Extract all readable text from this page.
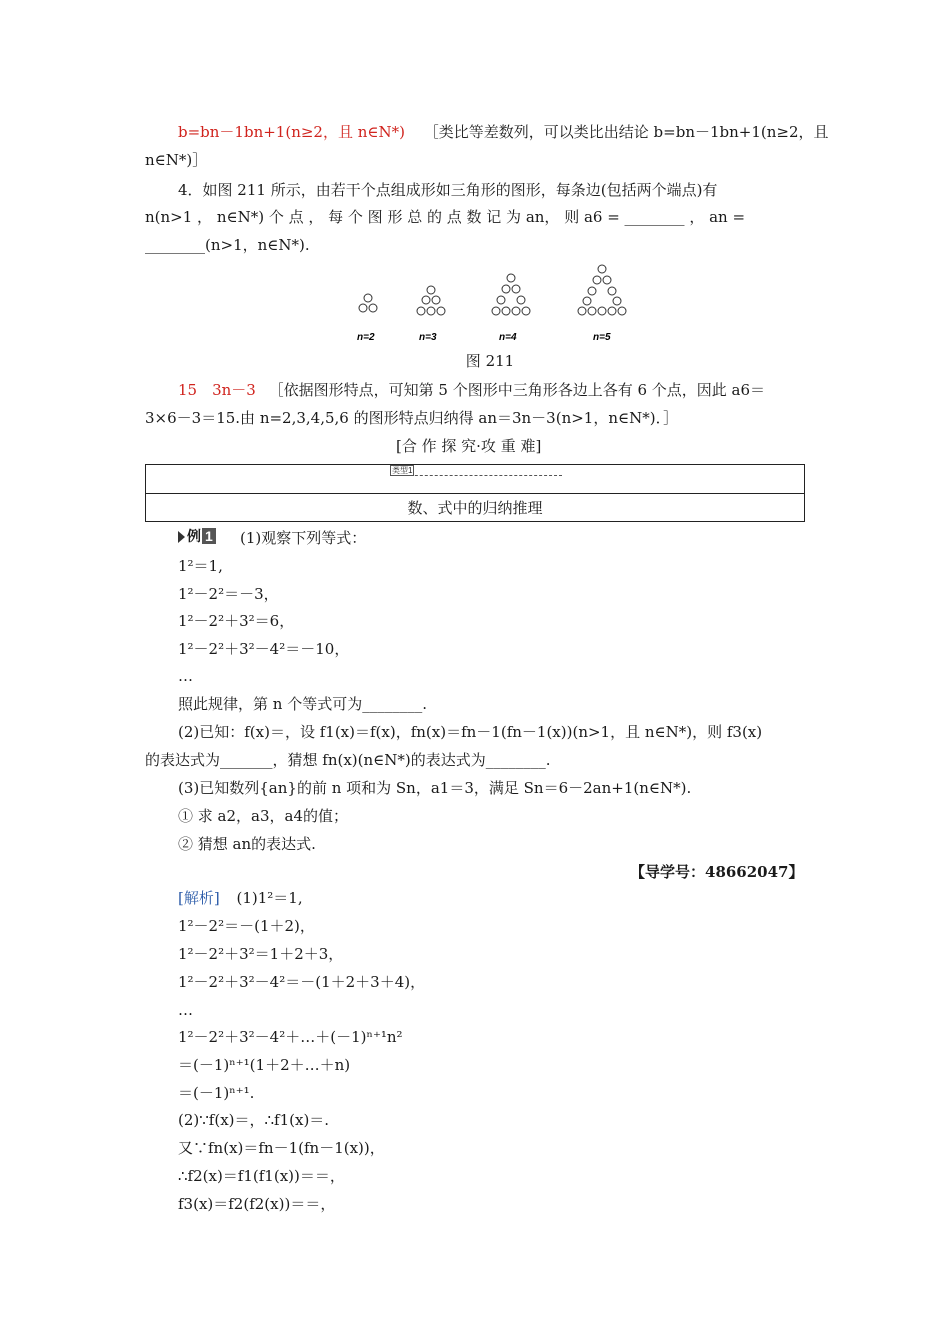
b=bn－1bn+1(n≥2，且 n∈N*) ［类比等差数列，可以类比出结论 b=bn－1bn+1(n≥2，且
n∈N*)］
4．如图 211 所示，由若干个点组成形如三角形的图形，每条边(包括两个端点)有
n(n>1 ， n∈N*) 个 点 ， 每 个 图 形 总 的 点 数 记 为 an， 则 a6 = ________ ， an =
________(n>1，n∈N*).
n=2	n=3	n=4	n=5
图 211
15　3n－3 ［依据图形特点，可知第 5 个图形中三角形各边上各有 6 个点，因此 a6＝
3×6－3＝15.由 n=2,3,4,5,6 的图形特点归纳得 an＝3n－3(n>1，n∈N*)．］
[合 作 探 究·攻 重 难]
类型1
数、式中的归纳推理
例 1 (1)观察下列等式：
1²＝1,
1²－2²＝－3，
1²－2²＋3²＝6，
1²－2²＋3²－4²＝－10，
…
照此规律，第 n 个等式可为________.
(2)已知：f(x)＝，设 f1(x)＝f(x)，fn(x)＝fn－1(fn－1(x))(n>1，且 n∈N*)，则 f3(x)
的表达式为_______，猜想 fn(x)(n∈N*)的表达式为________.
(3)已知数列{an}的前 n 项和为 Sn，a1＝3，满足 Sn＝6－2an+1(n∈N*).
① 求 a2，a3，a4的值；
② 猜想 an的表达式.
【导学号：48662047】
[解析] (1)1²＝1,
1²－2²＝－(1＋2)，
1²－2²＋3²＝1＋2＋3，
1²－2²＋3²－4²＝－(1＋2＋3＋4)，
…
1²－2²＋3²－4²＋…＋(－1)ⁿ⁺¹n²
＝(－1)ⁿ⁺¹(1＋2＋…＋n)
＝(－1)ⁿ⁺¹.
(2)∵f(x)＝，∴f1(x)＝.
又∵fn(x)＝fn－1(fn－1(x))，
∴f2(x)＝f1(f1(x))＝＝，
f3(x)＝f2(f2(x))＝＝，
